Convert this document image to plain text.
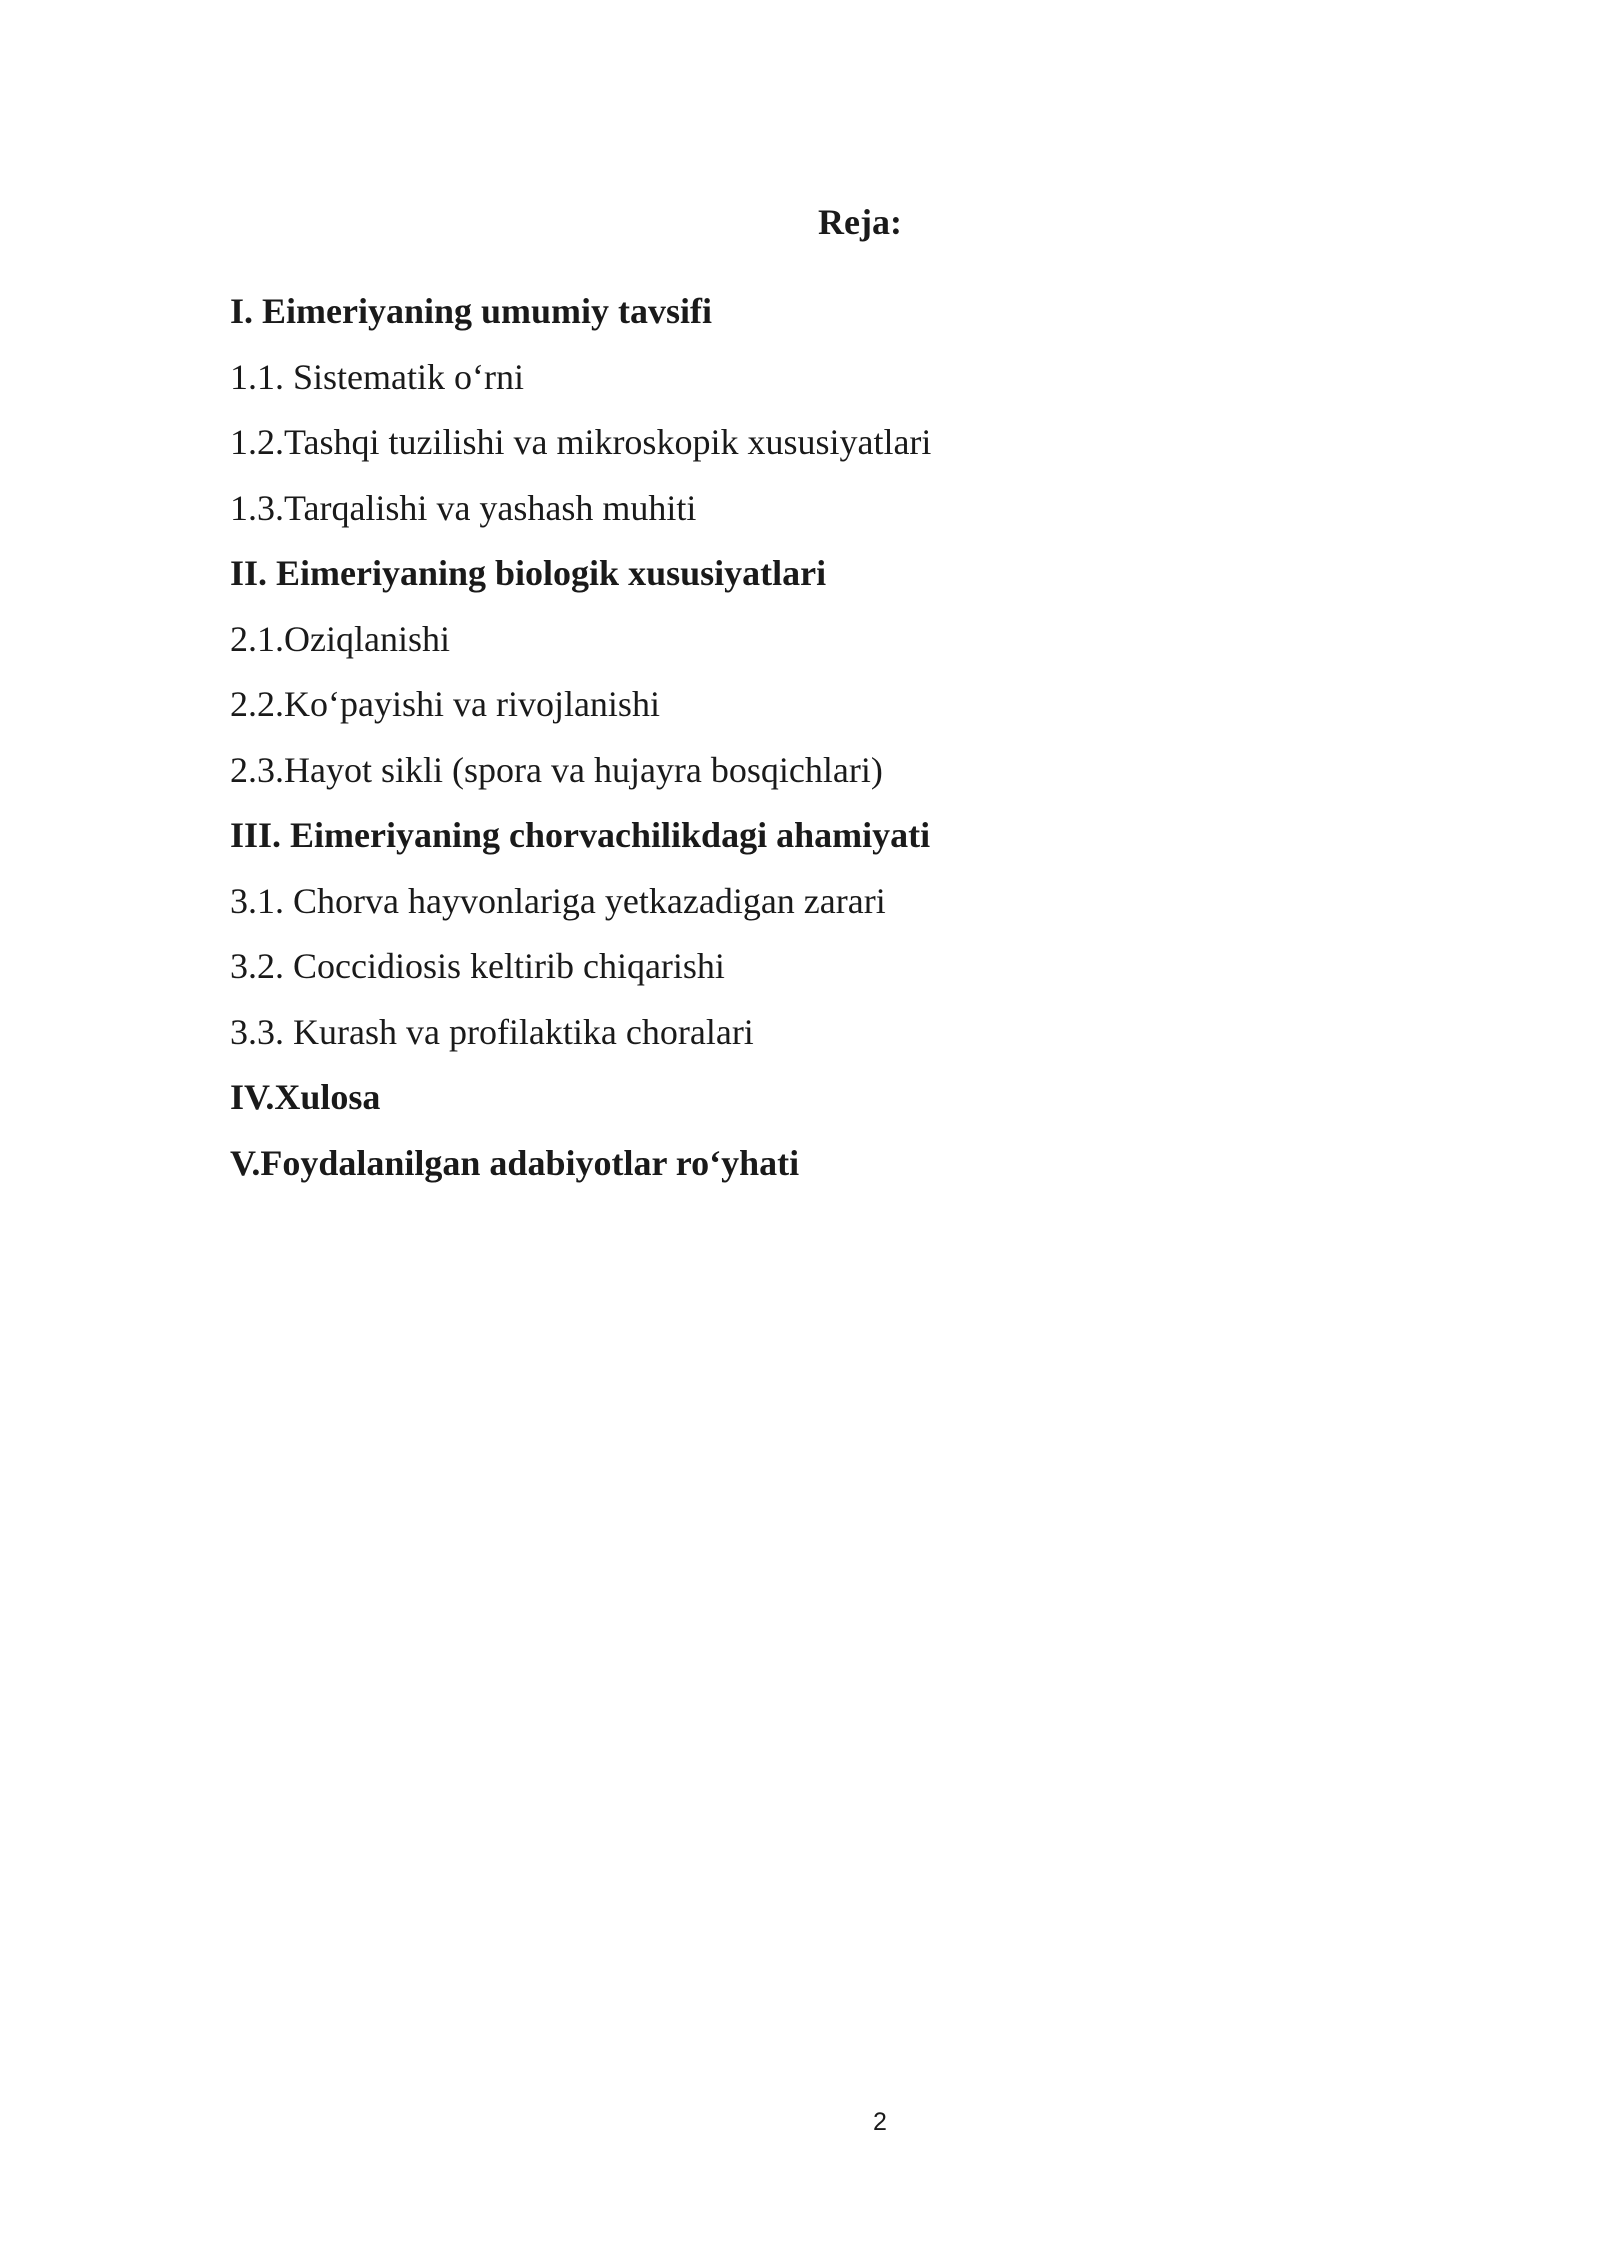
Reja:
I. Eimeriyaning umumiy tavsifi
1.1. Sistematik o‘rni
1.2.Tashqi tuzilishi va mikroskopik xususiyatlari
1.3.Tarqalishi va yashash muhiti
II. Eimeriyaning biologik xususiyatlari
2.1.Oziqlanishi
2.2.Ko‘payishi va rivojlanishi
2.3.Hayot sikli (spora va hujayra bosqichlari)
III. Eimeriyaning chorvachilikdagi ahamiyati
3.1. Chorva hayvonlariga yetkazadigan zarari
3.2. Coccidiosis keltirib chiqarishi
3.3. Kurash va profilaktika choralari
IV.Xulosa
V.Foydalanilgan adabiyotlar ro‘yhati
2
